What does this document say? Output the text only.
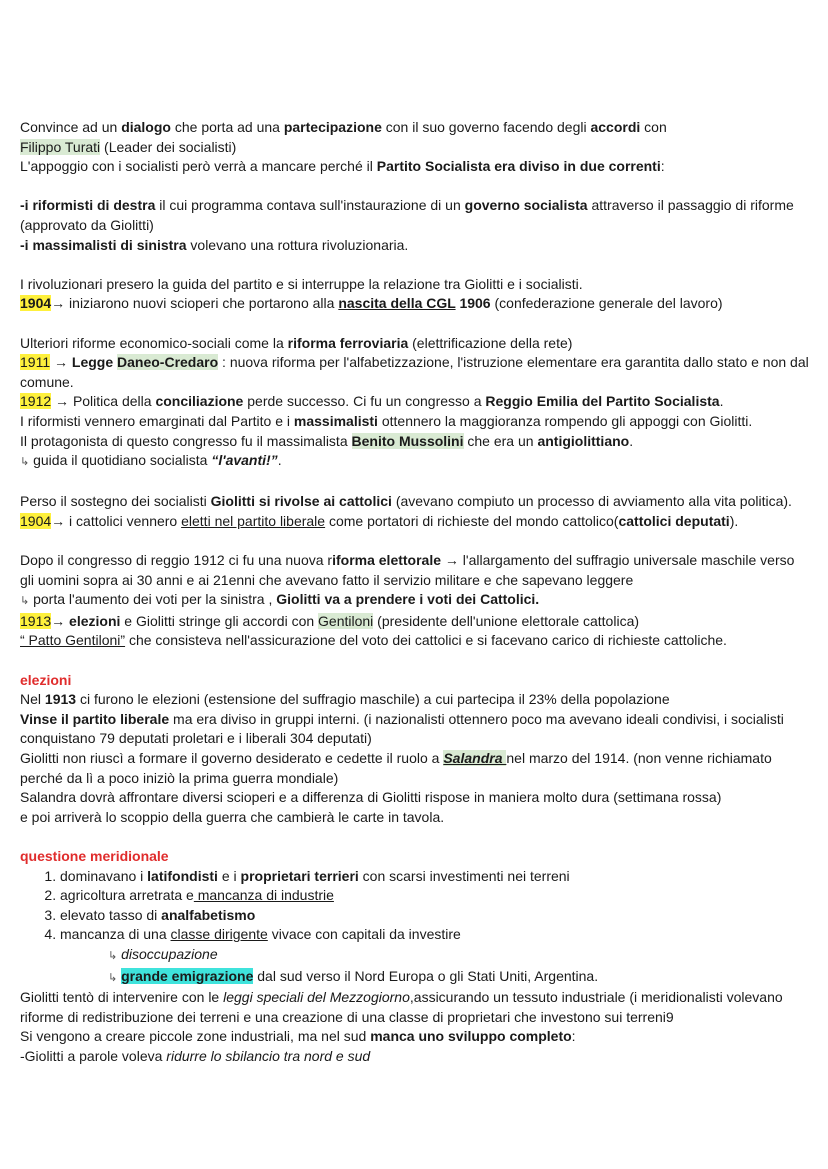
Convince ad un dialogo che porta ad una partecipazione con il suo governo facendo degli accordi con
Filippo Turati (Leader dei socialisti)

L'appoggio con i socialisti però verrà a mancare perché il Partito Socialista era diviso in due correnti:

-i riformisti di destra il cui programma contava sull'instaurazione di un governo socialista attraverso il passaggio di riforme (approvato da Giolitti)

-i massimalisti di sinistra volevano una rottura rivoluzionaria.

I rivoluzionari presero la guida del partito e si interruppe la relazione tra Giolitti e i socialisti.

1904→ iniziarono nuovi scioperi che portarono alla nascita della CGL 1906 (confederazione generale del lavoro)

Ulteriori riforme economico-sociali come la riforma ferroviaria (elettrificazione della rete)

1911 → Legge Daneo-Credaro : nuova riforma per l'alfabetizzazione, l'istruzione elementare era garantita dallo stato e non dal comune.

1912 → Politica della conciliazione perde successo. Ci fu un congresso a Reggio Emilia del Partito Socialista.

I riformisti vennero emarginati dal Partito e i massimalisti ottennero la maggioranza rompendo gli appoggi con Giolitti.

Il protagonista di questo congresso fu il massimalista Benito Mussolini che era un antigiolittiano.

↳ guida il quotidiano socialista “l'avanti!”.

Perso il sostegno dei socialisti Giolitti si rivolse ai cattolici (avevano compiuto un processo di avviamento alla vita politica).

1904→ i cattolici vennero eletti nel partito liberale come portatori di richieste del mondo cattolico(cattolici deputati).

Dopo il congresso di reggio 1912 ci fu una nuova riforma elettorale → l'allargamento del suffragio universale maschile verso gli uomini sopra ai 30 anni e ai 21enni che avevano fatto il servizio militare e che sapevano leggere

↳ porta l'aumento dei voti per la sinistra , Giolitti va a prendere i voti dei Cattolici.

1913→ elezioni e Giolitti stringe gli accordi con Gentiloni (presidente dell'unione elettorale cattolica)

“ Patto Gentiloni” che consisteva nell'assicurazione del voto dei cattolici e si facevano carico di richieste cattoliche.

elezioni

Nel 1913 ci furono le elezioni (estensione del suffragio maschile) a cui partecipa il 23% della popolazione

Vinse il partito liberale ma era diviso in gruppi interni. (i nazionalisti ottennero poco ma avevano ideali condivisi, i socialisti conquistano 79 deputati proletari e i liberali 304 deputati)

Giolitti non riuscì a formare il governo desiderato e cedette il ruolo a Salandra nel marzo del 1914. (non venne richiamato perché da lì a poco iniziò la prima guerra mondiale)

Salandra dovrà affrontare diversi scioperi e a differenza di Giolitti rispose in maniera molto dura (settimana rossa)

e poi arriverà lo scoppio della guerra che cambierà le carte in tavola.

questione meridionale

1. dominavano i latifondisti e i proprietari terrieri con scarsi investimenti nei terreni
2. agricoltura arretrata e mancanza di industrie
3. elevato tasso di analfabetismo
4. mancanza di una classe dirigente vivace con capitali da investire

↳ disoccupazione

↳ grande emigrazione dal sud verso il Nord Europa o gli Stati Uniti, Argentina.

Giolitti tentò di intervenire con le leggi speciali del Mezzogiorno,assicurando un tessuto industriale (i meridionalisti volevano riforme di redistribuzione dei terreni e una creazione di una classe di proprietari che investono sui terreni9

Si vengono a creare piccole zone industriali, ma nel sud manca uno sviluppo completo:

-Giolitti a parole voleva ridurre lo sbilancio tra nord e sud
